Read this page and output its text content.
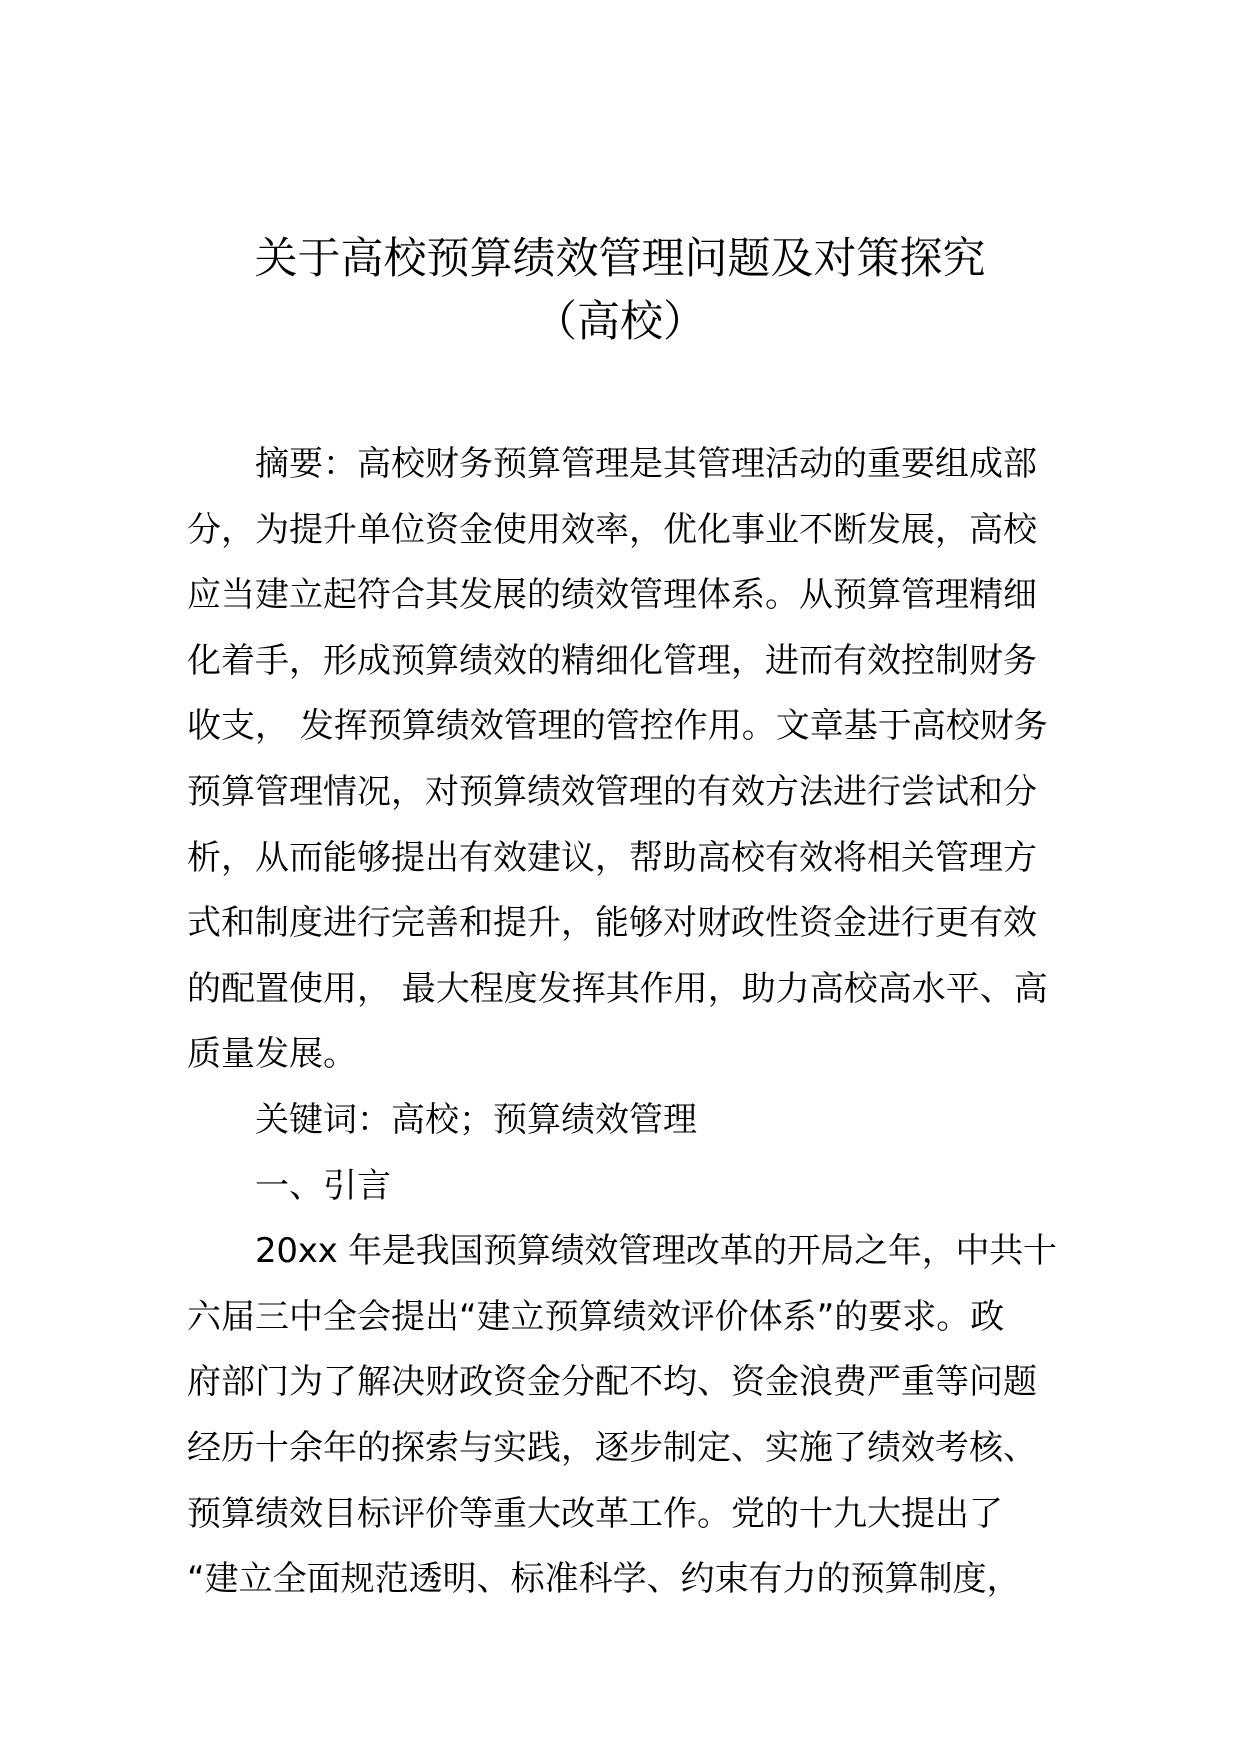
关于高校预算绩效管理问题及对策探究
（高校）
摘要：高校财务预算管理是其管理活动的重要组成部
分，为提升单位资金使用效率，优化事业不断发展，高校
应当建立起符合其发展的绩效管理体系。从预算管理精细
化着手，形成预算绩效的精细化管理，进而有效控制财务
收支， 发挥预算绩效管理的管控作用。文章基于高校财务
预算管理情况，对预算绩效管理的有效方法进行尝试和分
析，从而能够提出有效建议，帮助高校有效将相关管理方
式和制度进行完善和提升，能够对财政性资金进行更有效
的配置使用， 最大程度发挥其作用，助力高校高水平、高
质量发展。
关键词：高校；预算绩效管理
一、引言
20xx 年是我国预算绩效管理改革的开局之年，中共十
六届三中全会提出“建立预算绩效评价体系”的要求。政
府部门为了解决财政资金分配不均、资金浪费严重等问题
经历十余年的探索与实践，逐步制定、实施了绩效考核、
预算绩效目标评价等重大改革工作。党的十九大提出了
“建立全面规范透明、标准科学、约束有力的预算制度，
